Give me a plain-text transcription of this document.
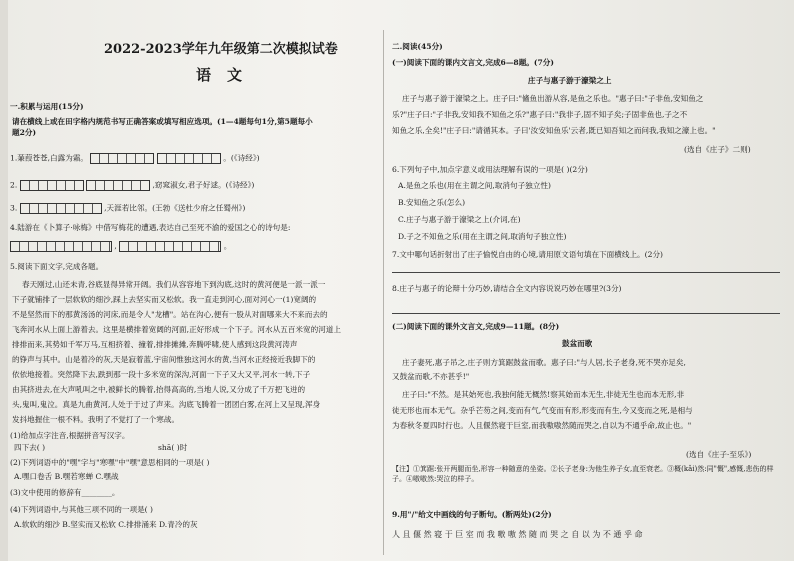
2022-2023学年九年级第二次模拟试卷
语文
一.积累与运用(15分)
请在横线上或在田字格内规范书写正确答案或填写相应选项。(1—4题每句1分,第5题每小
题2分)
1.蒹葭苍苍,白露为霜。	。(《诗经》)
2.	,窈窕淑女,君子好逑。(《诗经》)
3.	,天涯若比邻。(王勃《送杜少府之任蜀州》)
4.陆游在《卜算子·咏梅》中借写梅花的遭遇,表达自己至死不渝的爱国之心的诗句是:
,	。
5.阅读下面文字,完成各题。
春天刚过,山还未青,谷底显得异常开阔。我们从容容地下到沟底,这时的黄河便是一派一派一
下子就铺排了一层软软的细沙,踩上去坚实而又松软。我一直走到河心,面对河心一(1)宽阔的
不是坚然而下的那黄汤汤的河床,而是令人"龙槽"。站在沟心,便有一股从对面哪来大不来而去的
飞奔河水从上面上游着去。这里是横排着宽阔的河面,正好形成一个下子。河水从五百米宽的河道上
排排而来,其势如千军万马,互相挤着、撞着,排排摊摊,奔腾呼啸,使人感到这段黄河涛声
的铮声与其中。山是着冷的灰,天是寂着蓝,宇宙间惟独这河水的黄,当河水正经接近我脚下的
依依地接着。突然降下去,跌到那一段十多米宽的深沟,河面一下子又大又平,河水一转,下子
由其挤进去,在大声吼叫之中,被鲜长的腾着,抬得高高的,当地人说,又分成了千万把飞迸的
头,鬼叫,鬼泣。真是九曲黄河,人处于于过了声来。沟底飞腾着一团团白雾,在河上又呈现,浑身
发抖地握住一根不料。我明了不觉打了一个寒战。
(1)给加点字注音,根据拼音写汉字。
四下去( )	shā( )时
(2)下列词语中的"嘿"字与"寒嘿"中"嘿"意思相同的一项是( )
A.嘿口卷舌 B.嘿若寒蝉 C.嘿战
(3)文中使用的修辞有________。
(4)下列词语中,与其他三项不同的一项是( )
A.软软的细沙 B.坚实而又松软 C.排排涌来 D.青冷的灰
二.阅读(45分)
(一)阅读下面的课内文言文,完成6—8题。(7分)
庄子与惠子游于濠梁之上
庄子与惠子游于濠梁之上。庄子曰:"鯈鱼出游从容,是鱼之乐也。"惠子曰:"子非鱼,安知鱼之
乐?"庄子曰:"子非我,安知我不知鱼之乐?"惠子曰:"我非子,固不知子矣;子固非鱼也,子之不
知鱼之乐,全矣!"庄子曰:"请循其本。子曰'汝安知鱼乐'云者,既已知吾知之而问我,我知之濠上也。"
(选自《庄子》二则)
6.下列句子中,加点字意义或用法理解有误的一项是( )(2分)
A.是鱼之乐也(用在主谓之间,取消句子独立性)
B.安知鱼之乐(怎么)
C.庄子与惠子游于濠梁之上(介词,在)
D.子之不知鱼之乐(用在主谓之间,取消句子独立性)
7.文中哪句话折射出了庄子愉悦自由的心境,请用原文语句填在下面横线上。(2分)
8.庄子与惠子的论辩十分巧妙,请结合全文内容说说巧妙在哪里?(3分)
(二)阅读下面的课外文言文,完成9—11题。(8分)
鼓盆而歌
庄子妻死,惠子吊之,庄子则方箕踞鼓盆而歌。惠子曰:"与人居,长子老身,死不哭亦足矣,
又鼓盆而歌,不亦甚乎!"
庄子曰:"不然。是其始死也,我独何能无概然!察其始而本无生,非徒无生也而本无形,非
徒无形也而本无气。杂乎芒芴之间,变而有气,气变而有形,形变而有生,今又变而之死,是相与
为春秋冬夏四时行也。人且偃然寝于巨室,而我嗷嗷然随而哭之,自以为不通乎命,故止也。"
(选自《庄子·至乐》)
【注】①箕踞:张开两腿而坐,形容一种随意的坐姿。②长子老身:为他生养子女,直至衰老。③概(kǎi)然:同"慨",感慨,悲伤的样子。④嗷嗷然:哭泣的样子。
9.用"/"给文中画线的句子断句。(断两处)(2分)
人 且 偃 然 寝 于 巨 室 而 我 嗷 嗷 然 随 而 哭 之 自 以 为 不 通 乎 命
